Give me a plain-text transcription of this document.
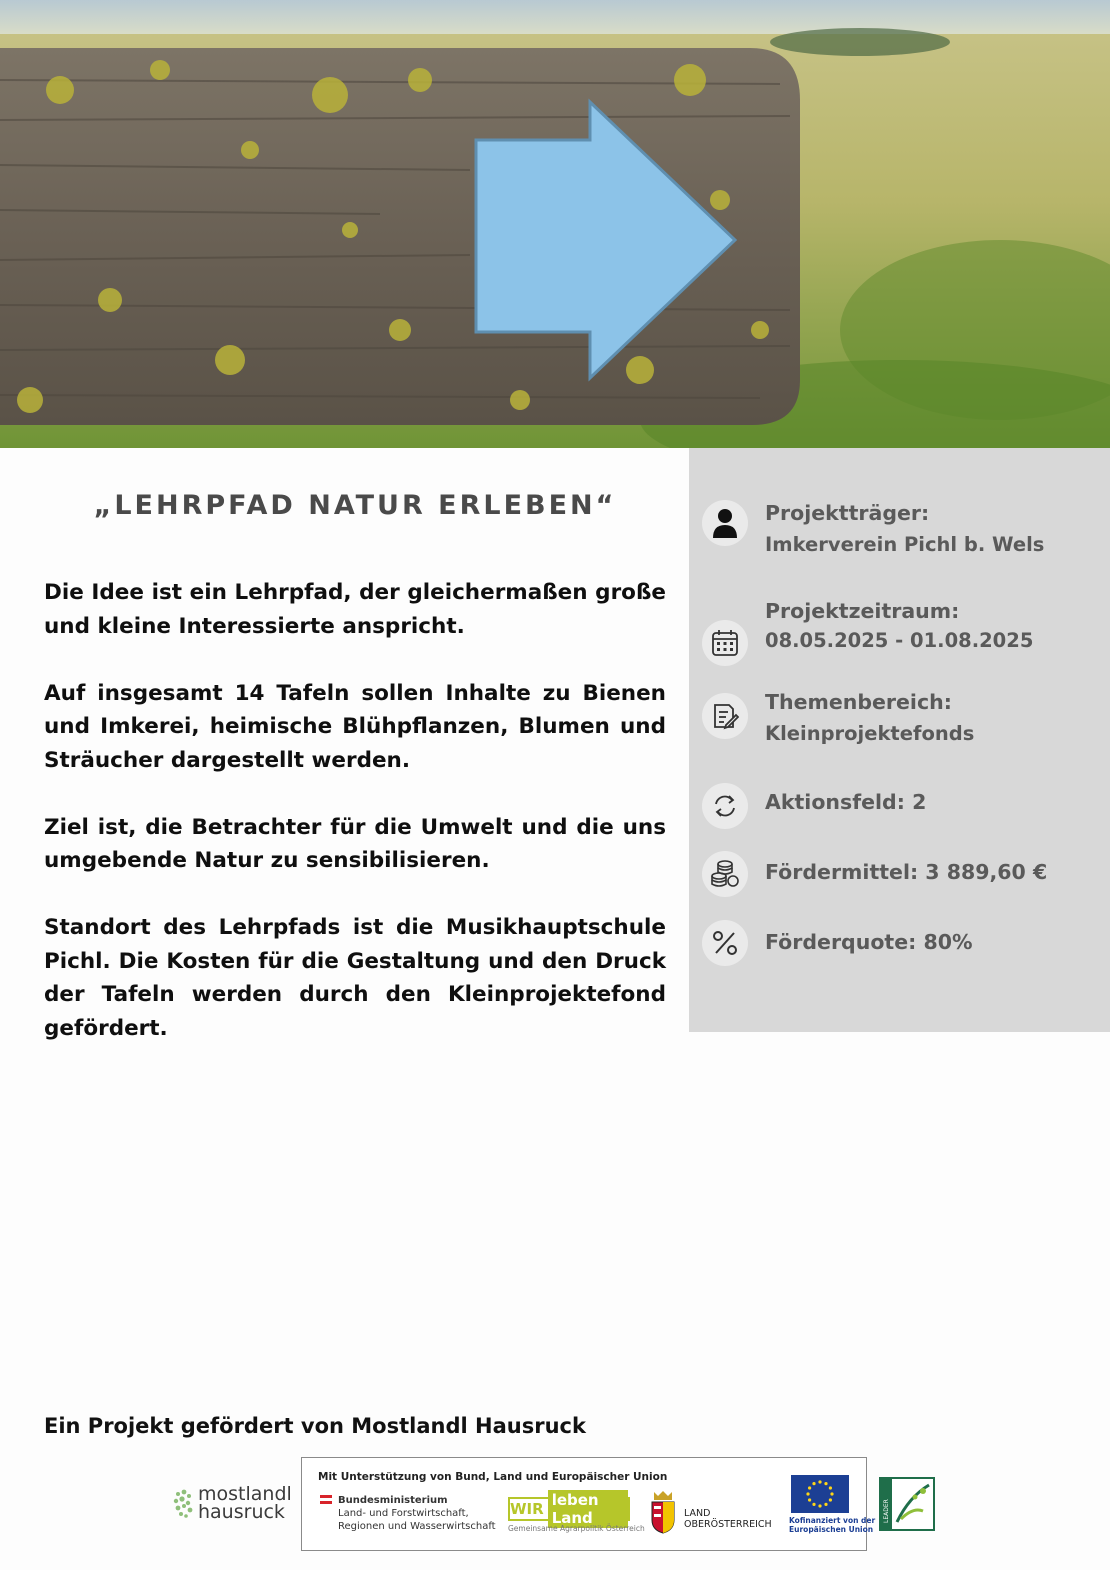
„LEHRPFAD NATUR ERLEBEN“

Die Idee ist ein Lehrpfad, der gleichermaßen große und kleine Interessierte anspricht.

Auf insgesamt 14 Tafeln sollen Inhalte zu Bienen und Imkerei, heimische Blühpflanzen, Blumen und Sträucher dargestellt werden.

Ziel ist, die Betrachter für die Umwelt und die uns umgebende Natur zu sensibilisieren.

Standort des Lehrpfads ist die Musikhauptschule Pichl. Die Kosten für die Gestaltung und den Druck der Tafeln werden durch den Kleinprojektefond gefördert.

Projektträger:
Imkerverein Pichl b. Wels
Projektzeitraum:
08.05.2025 - 01.08.2025
Themenbereich:
Kleinprojektefonds
Aktionsfeld: 2
Fördermittel: 3 889,60 €
Förderquote: 80%
Ein Projekt gefördert von Mostlandl Hausruck
mostlandl
hausruck
Mit Unterstützung von Bund, Land und Europäischer Union
Bundesministerium
Land- und Forstwirtschaft,
Regionen und Wasserwirtschaft
WIR leben Land
Gemeinsame Agrarpolitik Österreich
LAND
OBERÖSTERREICH Kofinanziert von der
Europäischen Union
LEADER
